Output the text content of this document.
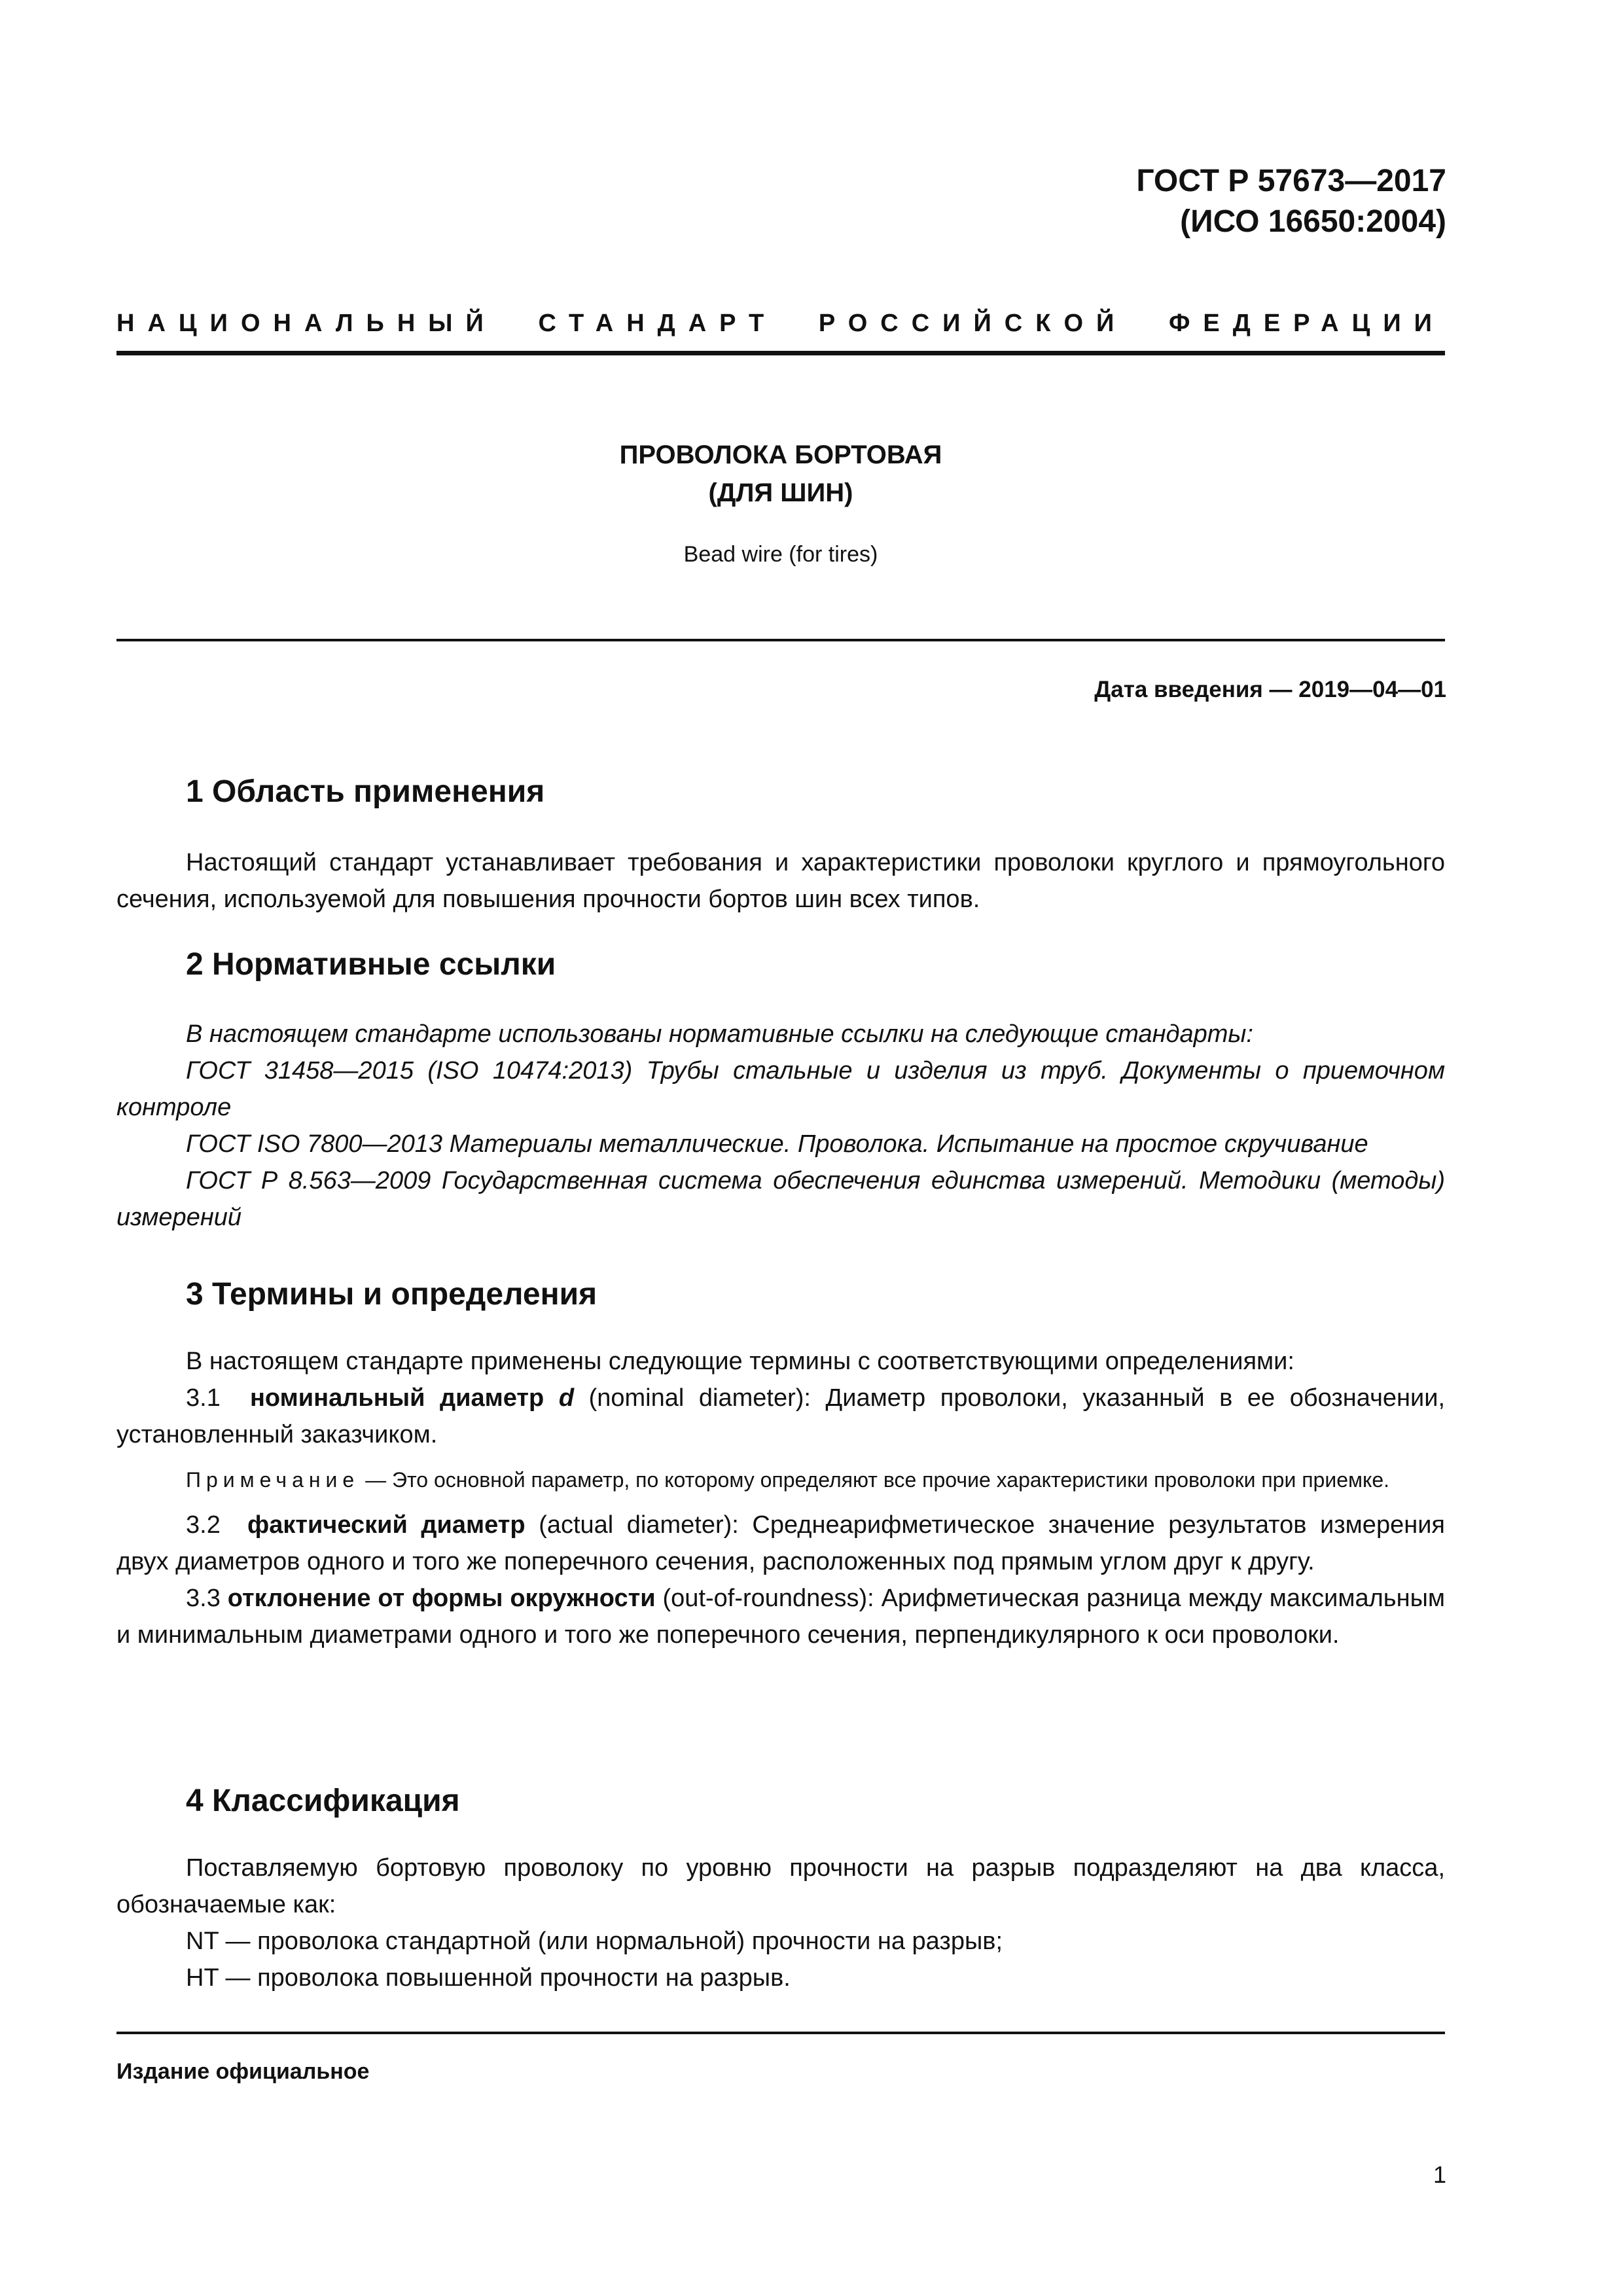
ГОСТ Р 57673—2017
(ИСО 16650:2004)
НАЦИОНАЛЬНЫЙ СТАНДАРТ РОССИЙСКОЙ ФЕДЕРАЦИИ
ПРОВОЛОКА БОРТОВАЯ
(ДЛЯ ШИН)
Bead wire (for tires)
Дата введения — 2019—04—01
1 Область применения
Настоящий стандарт устанавливает требования и характеристики проволоки круглого и прямоугольного сечения, используемой для повышения прочности бортов шин всех типов.
2 Нормативные ссылки
В настоящем стандарте использованы нормативные ссылки на следующие стандарты:
ГОСТ 31458—2015 (ISO 10474:2013) Трубы стальные и изделия из труб. Документы о приемочном контроле
ГОСТ ISO 7800—2013 Материалы металлические. Проволока. Испытание на простое скручивание
ГОСТ Р 8.563—2009 Государственная система обеспечения единства измерений. Методики (методы) измерений
3 Термины и определения
В настоящем стандарте применены следующие термины с соответствующими определениями:
3.1 номинальный диаметр d (nominal diameter): Диаметр проволоки, указанный в ее обозначении, установленный заказчиком.
Примечание — Это основной параметр, по которому определяют все прочие характеристики проволоки при приемке.
3.2 фактический диаметр (actual diameter): Среднеарифметическое значение результатов измерения двух диаметров одного и того же поперечного сечения, расположенных под прямым углом друг к другу.
3.3 отклонение от формы окружности (out-of-roundness): Арифметическая разница между максимальным и минимальным диаметрами одного и того же поперечного сечения, перпендикулярного к оси проволоки.
4 Классификация
Поставляемую бортовую проволоку по уровню прочности на разрыв подразделяют на два класса, обозначаемые как:
NT — проволока стандартной (или нормальной) прочности на разрыв;
HT — проволока повышенной прочности на разрыв.
Издание официальное
1
